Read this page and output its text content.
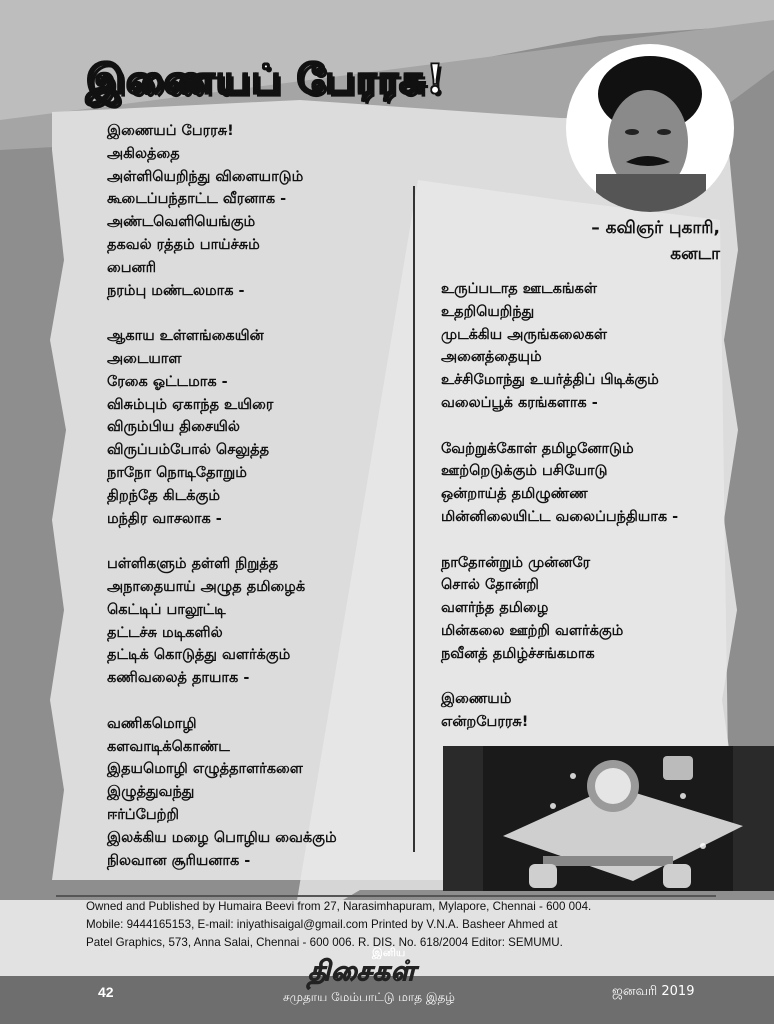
இணையப் பேரரசு!
– கவிஞர் புகாரி,
கனடா
இணையப் பேரரசு!
அகிலத்தை
அள்ளியெறிந்து விளையாடும்
கூடைப்பந்தாட்ட வீரனாக -
அண்டவெளியெங்கும்
தகவல் ரத்தம் பாய்ச்சும்
பைனரி
நரம்பு மண்டலமாக -
ஆகாய உள்ளங்கையின்
அடையாள
ரேகை ஓட்டமாக -
விசும்பும் ஏகாந்த உயிரை
விரும்பிய திசையில்
விருப்பம்போல் செலுத்த
நாநோ நொடிதோறும்
திறந்தே கிடக்கும்
மந்திர வாசலாக -
பள்ளிகளும் தள்ளி நிறுத்த
அநாதையாய் அழுத தமிழைக்
கெட்டிப் பாலூட்டி
தட்டச்சு மடிகளில்
தட்டிக் கொடுத்து வளர்க்கும்
கணிவலைத் தாயாக -
வணிகமொழி
களவாடிக்கொண்ட
இதயமொழி எழுத்தாளர்களை
இழுத்துவந்து
ஈர்ப்பேற்றி
இலக்கிய மழை பொழிய வைக்கும்
நிலவான சூரியனாக -
உருப்படாத ஊடகங்கள்
உதறியெறிந்து
முடக்கிய அருங்கலைகள்
அனைத்தையும்
உச்சிமோந்து உயர்த்திப் பிடிக்கும்
வலைப்பூக் கரங்களாக -
வேற்றுக்கோள் தமிழனோடும்
ஊற்றெடுக்கும் பசியோடு
ஒன்றாய்த் தமிழுண்ண
மின்னிலையிட்ட வலைப்பந்தியாக -
நாதோன்றும் முன்னரே
சொல் தோன்றி
வளர்ந்த தமிழை
மின்கலை ஊற்றி வளர்க்கும்
நவீனத் தமிழ்ச்சங்கமாக
இணையம்
என்றபேரரசு!
Owned and Published by Humaira Beevi from 27, Narasimhapuram, Mylapore, Chennai - 600 004.
Mobile: 9444165153, E-mail: iniyathisaigal@gmail.com Printed by V.N.A. Basheer Ahmed at
Patel Graphics, 573, Anna Salai, Chennai - 600 006. R. DIS. No. 618/2004 Editor: SEMUMU.
இனிய
திசைகள்
சமுதாய மேம்பாட்டு மாத இதழ்
42	ஜனவரி 2019
